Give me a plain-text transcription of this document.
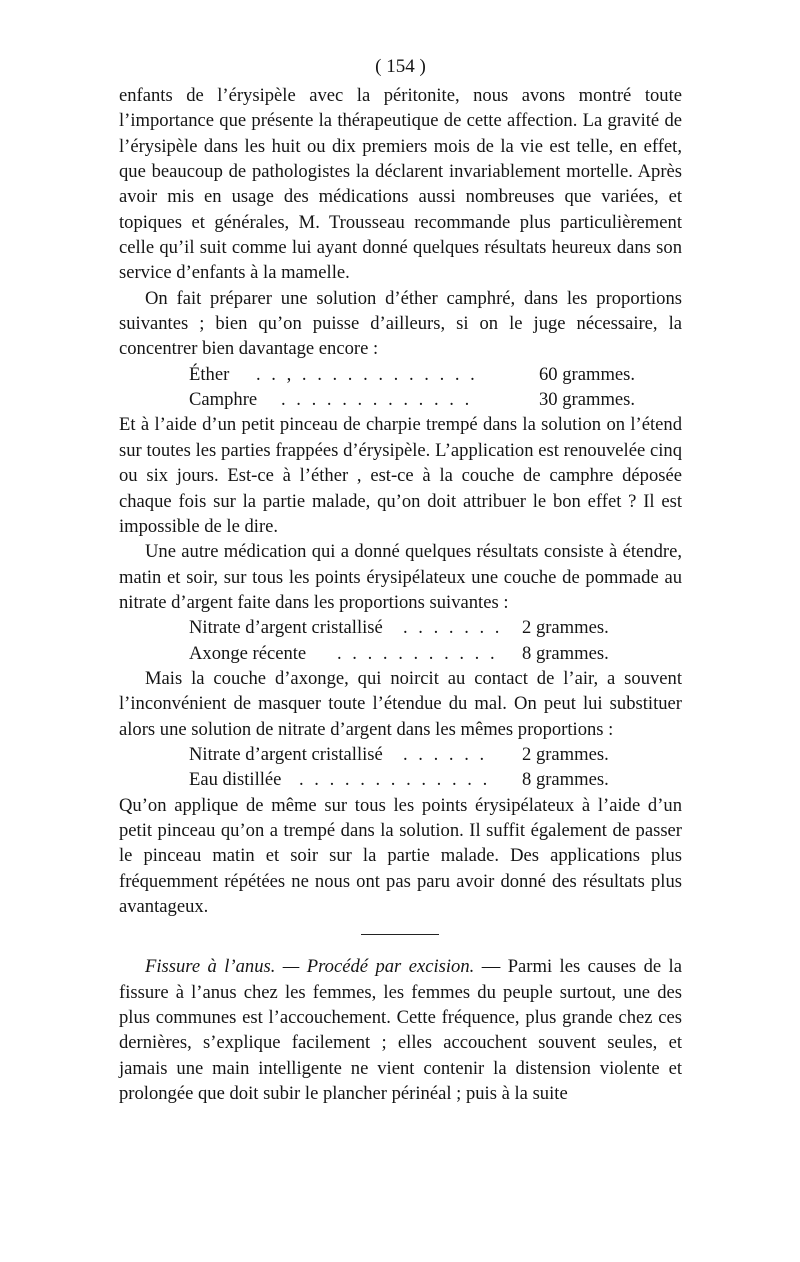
( 154 )

enfants de l’érysipèle avec la péritonite, nous avons montré toute l’importance que présente la thérapeutique de cette affection. La gravité de l’érysipèle dans les huit ou dix premiers mois de la vie est telle, en effet, que beaucoup de pathologistes la déclarent invariablement mortelle. Après avoir mis en usage des médications aussi nombreuses que variées, et topiques et générales, M. Trousseau recommande plus particulièrement celle qu’il suit comme lui ayant donné quelques résultats heureux dans son service d’enfants à la mamelle.

On fait préparer une solution d’éther camphré, dans les proportions suivantes ; bien qu’on puisse d’ailleurs, si on le juge nécessaire, la concentrer bien davantage encore :

Éther . . , . . . . . . . . . . . .	60 grammes.
Camphre . . . . . . . . . . . . .	30 grammes.

Et à l’aide d’un petit pinceau de charpie trempé dans la solution on l’étend sur toutes les parties frappées d’érysipèle. L’application est renouvelée cinq ou six jours. Est-ce à l’éther , est-ce à la couche de camphre déposée chaque fois sur la partie malade, qu’on doit attribuer le bon effet ? Il est impossible de le dire.

Une autre médication qui a donné quelques résultats consiste à étendre, matin et soir, sur tous les points érysipélateux une couche de pommade au nitrate d’argent faite dans les proportions suivantes :

Nitrate d’argent cristallisé . . . . . . . 2 grammes.
Axonge récente . . . . . . . . . . . 8 grammes.

Mais la couche d’axonge, qui noircit au contact de l’air, a souvent l’inconvénient de masquer toute l’étendue du mal. On peut lui substituer alors une solution de nitrate d’argent dans les mêmes proportions :

Nitrate d’argent cristallisé . . . . . . 2 grammes.
Eau distillée . . . . . . . . . . . . . 8 grammes.

Qu’on applique de même sur tous les points érysipélateux à l’aide d’un petit pinceau qu’on a trempé dans la solution. Il suffit également de passer le pinceau matin et soir sur la partie malade. Des applications plus fréquemment répétées ne nous ont pas paru avoir donné des résultats plus avantageux.

Fissure à l’anus. — Procédé par excision. — Parmi les causes de la fissure à l’anus chez les femmes, les femmes du peuple surtout, une des plus communes est l’accouchement. Cette fréquence, plus grande chez ces dernières, s’explique facilement ; elles accouchent souvent seules, et jamais une main intelligente ne vient contenir la distension violente et prolongée que doit subir le plancher périnéal ; puis à la suite
